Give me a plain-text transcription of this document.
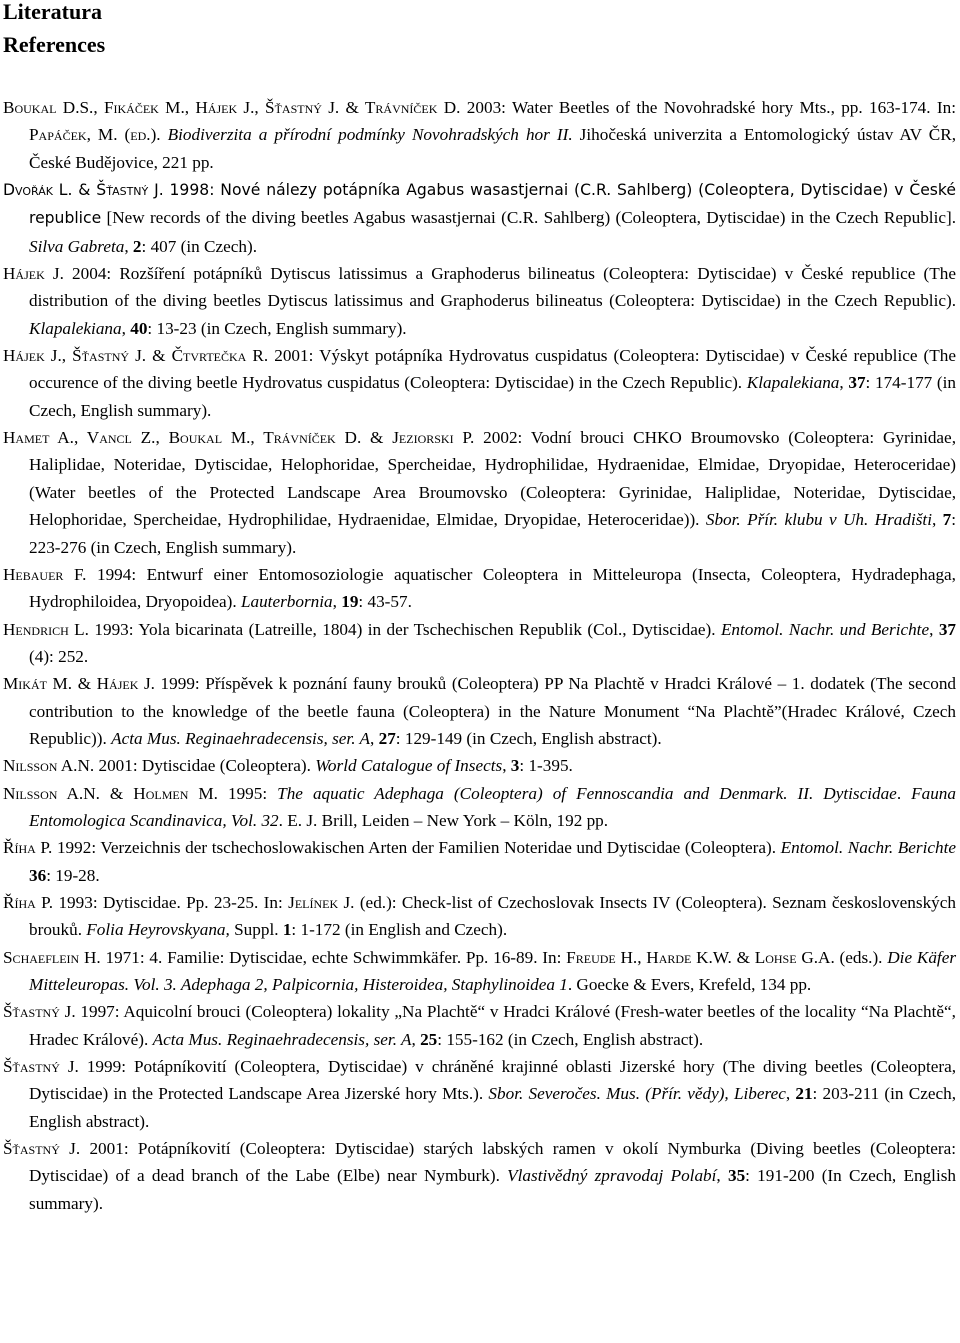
Literatura
References

Boukal D.S., Fikáček M., Hájek J., Šťastný J. & Trávníček D. 2003: Water Beetles of the Novohradské hory Mts., pp. 163-174. In: Papáček, M. (ed.). Biodiverzita a přírodní podmínky Novohradských hor II. Jihočeská univerzita a Entomologický ústav AV ČR, České Budějovice, 221 pp.

Dvořák L. & Šťastný J. 1998: Nové nálezy potápníka Agabus wasastjernai (C.R. Sahlberg) (Coleoptera, Dytiscidae) v České republice [New records of the diving beetles Agabus wasastjernai (C.R. Sahlberg) (Coleoptera, Dytiscidae) in the Czech Republic]. Silva Gabreta, 2: 407 (in Czech).

Hájek J. 2004: Rozšíření potápníků Dytiscus latissimus a Graphoderus bilineatus (Coleoptera: Dytiscidae) v České republice (The distribution of the diving beetles Dytiscus latissimus and Graphoderus bilineatus (Coleoptera: Dytiscidae) in the Czech Republic). Klapalekiana, 40: 13-23 (in Czech, English summary).

Hájek J., Šťastný J. & Čtvrtečka R. 2001: Výskyt potápníka Hydrovatus cuspidatus (Coleoptera: Dytiscidae) v České republice (The occurence of the diving beetle Hydrovatus cuspidatus (Coleoptera: Dytiscidae) in the Czech Republic). Klapalekiana, 37: 174-177 (in Czech, English summary).

Hamet A., Vancl Z., Boukal M., Trávníček D. & Jeziorski P. 2002: Vodní brouci CHKO Broumovsko (Coleoptera: Gyrinidae, Haliplidae, Noteridae, Dytiscidae, Helophoridae, Spercheidae, Hydrophilidae, Hydraenidae, Elmidae, Dryopidae, Heteroceridae) (Water beetles of the Protected Landscape Area Broumovsko (Coleoptera: Gyrinidae, Haliplidae, Noteridae, Dytiscidae, Helophoridae, Spercheidae, Hydrophilidae, Hydraenidae, Elmidae, Dryopidae, Heteroceridae)). Sbor. Přír. klubu v Uh. Hradišti, 7: 223-276 (in Czech, English summary).

Hebauer F. 1994: Entwurf einer Entomosoziologie aquatischer Coleoptera in Mitteleuropa (Insecta, Coleoptera, Hydradephaga, Hydrophiloidea, Dryopoidea). Lauterbornia, 19: 43-57.

Hendrich L. 1993: Yola bicarinata (Latreille, 1804) in der Tschechischen Republik (Col., Dytiscidae). Entomol. Nachr. und Berichte, 37 (4): 252.

Mikát M. & Hájek J. 1999: Příspěvek k poznání fauny brouků (Coleoptera) PP Na Plachtě v Hradci Králové – 1. dodatek (The second contribution to the knowledge of the beetle fauna (Coleoptera) in the Nature Monument “Na Plachtě”(Hradec Králové, Czech Republic)). Acta Mus. Reginaehradecensis, ser. A, 27: 129-149 (in Czech, English abstract).

Nilsson A.N. 2001: Dytiscidae (Coleoptera). World Catalogue of Insects, 3: 1-395.

Nilsson A.N. & Holmen M. 1995: The aquatic Adephaga (Coleoptera) of Fennoscandia and Denmark. II. Dytiscidae. Fauna Entomologica Scandinavica, Vol. 32. E. J. Brill, Leiden – New York – Köln, 192 pp.

Říha P. 1992: Verzeichnis der tschechoslowakischen Arten der Familien Noteridae und Dytiscidae (Coleoptera). Entomol. Nachr. Berichte 36: 19-28.

Říha P. 1993: Dytiscidae. Pp. 23-25. In: Jelínek J. (ed.): Check-list of Czechoslovak Insects IV (Coleoptera). Seznam československých brouků. Folia Heyrovskyana, Suppl. 1: 1-172 (in English and Czech).

Schaeflein H. 1971: 4. Familie: Dytiscidae, echte Schwimmkäfer. Pp. 16-89. In: Freude H., Harde K.W. & Lohse G.A. (eds.). Die Käfer Mitteleuropas. Vol. 3. Adephaga 2, Palpicornia, Histeroidea, Staphylinoidea 1. Goecke & Evers, Krefeld, 134 pp.

Šťastný J. 1997: Aquicolní brouci (Coleoptera) lokality „Na Plachtě“ v Hradci Králové (Fresh-water beetles of the locality “Na Plachtě“, Hradec Králové). Acta Mus. Reginaehradecensis, ser. A, 25: 155-162 (in Czech, English abstract).

Šťastný J. 1999: Potápníkovití (Coleoptera, Dytiscidae) v chráněné krajinné oblasti Jizerské hory (The diving beetles (Coleoptera, Dytiscidae) in the Protected Landscape Area Jizerské hory Mts.). Sbor. Severočes. Mus. (Přír. vědy), Liberec, 21: 203-211 (in Czech, English abstract).

Šťastný J. 2001: Potápníkovití (Coleoptera: Dytiscidae) starých labských ramen v okolí Nymburka (Diving beetles (Coleoptera: Dytiscidae) of a dead branch of the Labe (Elbe) near Nymburk). Vlastivědný zpravodaj Polabí, 35: 191-200 (In Czech, English summary).
